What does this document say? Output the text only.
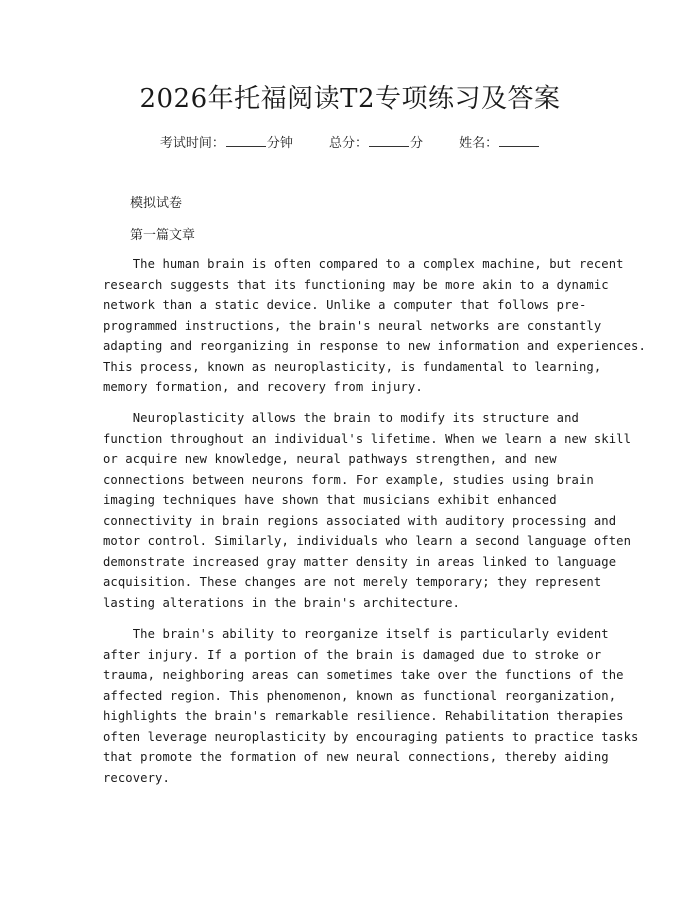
2026年托福阅读T2专项练习及答案
考试时间：	分钟	总分：	分	姓名：
模拟试卷
第一篇文章
The human brain is often compared to a complex machine, but recent
research suggests that its functioning may be more akin to a dynamic
network than a static device. Unlike a computer that follows pre-
programmed instructions, the brain's neural networks are constantly
adapting and reorganizing in response to new information and experiences.
This process, known as neuroplasticity, is fundamental to learning,
memory formation, and recovery from injury.
Neuroplasticity allows the brain to modify its structure and
function throughout an individual's lifetime. When we learn a new skill
or acquire new knowledge, neural pathways strengthen, and new
connections between neurons form. For example, studies using brain
imaging techniques have shown that musicians exhibit enhanced
connectivity in brain regions associated with auditory processing and
motor control. Similarly, individuals who learn a second language often
demonstrate increased gray matter density in areas linked to language
acquisition. These changes are not merely temporary; they represent
lasting alterations in the brain's architecture.
The brain's ability to reorganize itself is particularly evident
after injury. If a portion of the brain is damaged due to stroke or
trauma, neighboring areas can sometimes take over the functions of the
affected region. This phenomenon, known as functional reorganization,
highlights the brain's remarkable resilience. Rehabilitation therapies
often leverage neuroplasticity by encouraging patients to practice tasks
that promote the formation of new neural connections, thereby aiding
recovery.
